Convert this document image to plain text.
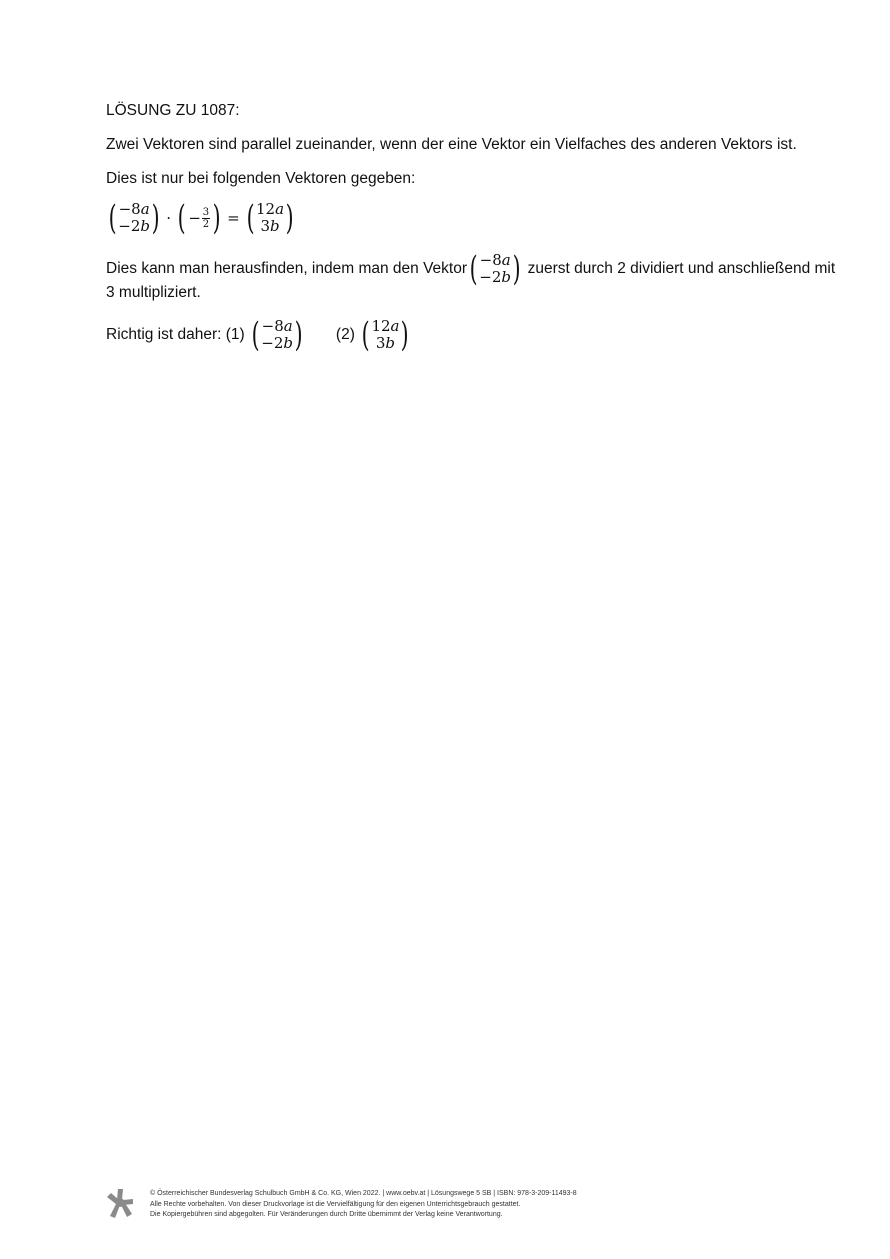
LÖSUNG ZU 1087:
Zwei Vektoren sind parallel zueinander, wenn der eine Vektor ein Vielfaches des anderen Vektors ist.
Dies ist nur bei folgenden Vektoren gegeben:
( −8a
−2b ) · ( − $\frac{3}{2}$ ) = ( 12a
3b )
Dies kann man herausfinden, indem man den Vektor ( −8a
−2b ) zuerst durch 2 dividiert und anschließend mit
3 multipliziert.
Richtig ist daher: (1) ( −8a
−2b ) (2) ( 12a
3b )
© Österreichischer Bundesverlag Schulbuch GmbH & Co. KG, Wien 2022. | www.oebv.at | Lösungswege 5 SB | ISBN: 978-3-209-11493-8
Alle Rechte vorbehalten. Von dieser Druckvorlage ist die Vervielfältigung für den eigenen Unterrichtsgebrauch gestattet.
Die Kopiergebühren sind abgegolten. Für Veränderungen durch Dritte übernimmt der Verlag keine Verantwortung.
